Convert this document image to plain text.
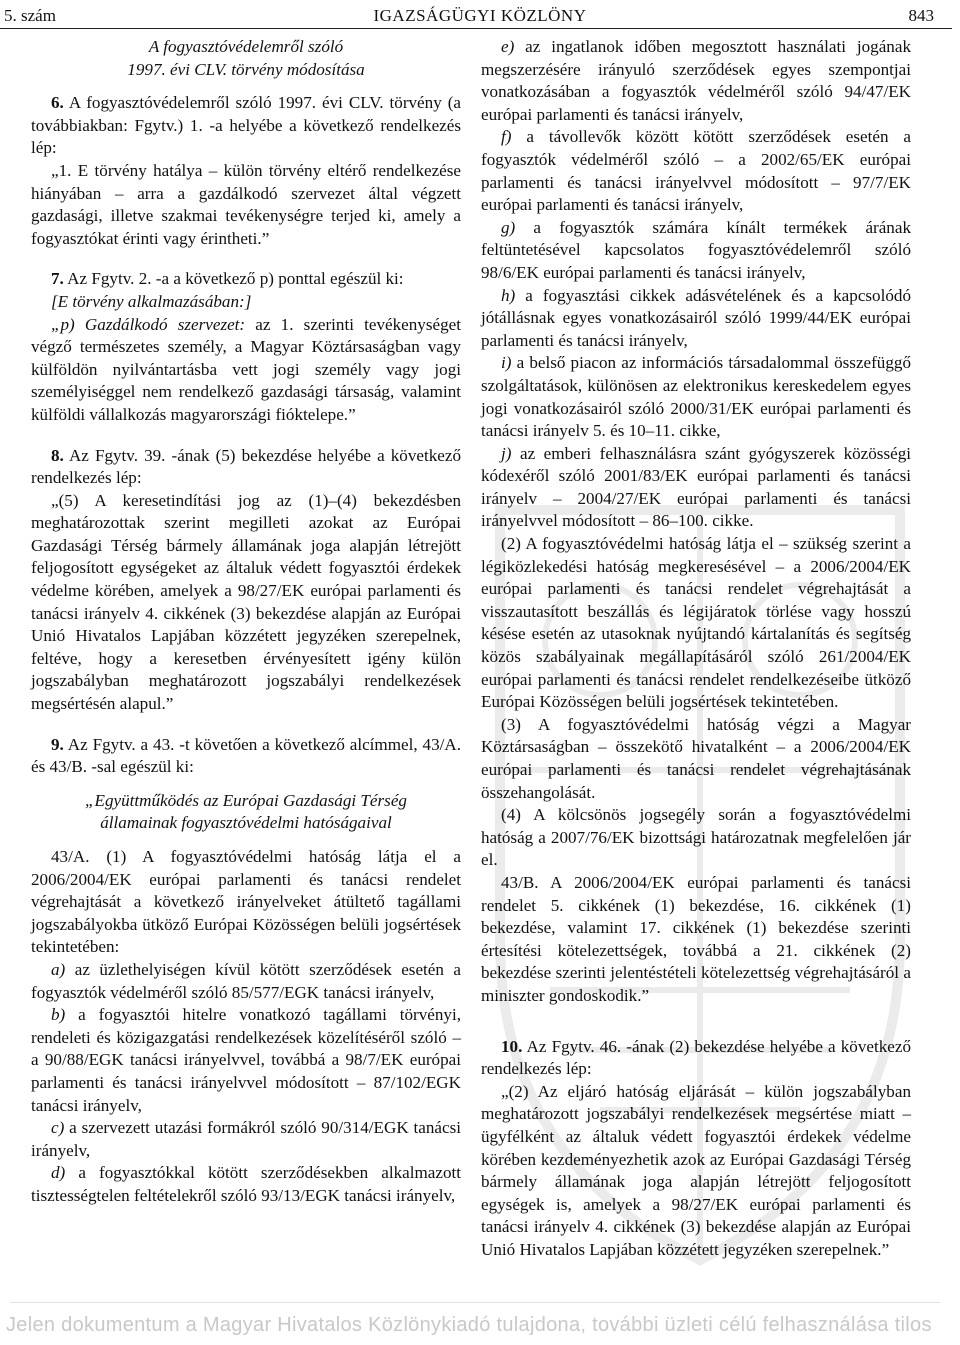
5. szám	IGAZSÁGÜGYI KÖZLÖNY	843

A fogyasztóvédelemről szóló

1997. évi CLV. törvény módosítása

6. A fogyasztóvédelemről szóló 1997. évi CLV. törvény (a továbbiakban: Fgytv.) 1. -a helyébe a következő rendelkezés lép:

„1. E törvény hatálya – külön törvény eltérő rendelkezése hiányában – arra a gazdálkodó szervezet által végzett gazdasági, illetve szakmai tevékenységre terjed ki, amely a fogyasztókat érinti vagy érintheti.”

7. Az Fgytv. 2. -a a következő p) ponttal egészül ki:

[E törvény alkalmazásában:]

„p) Gazdálkodó szervezet: az 1. szerinti tevékenységet végző természetes személy, a Magyar Köztársaságban vagy külföldön nyilvántartásba vett jogi személy vagy jogi személyiséggel nem rendelkező gazdasági társaság, valamint külföldi vállalkozás magyarországi fióktelepe.”

8. Az Fgytv. 39. -ának (5) bekezdése helyébe a következő rendelkezés lép:

„(5) A keresetindítási jog az (1)–(4) bekezdésben meghatározottak szerint megilleti azokat az Európai Gazdasági Térség bármely államának joga alapján létrejött feljogosított egységeket az általuk védett fogyasztói érdekek védelme körében, amelyek a 98/27/EK európai parlamenti és tanácsi irányelv 4. cikkének (3) bekezdése alapján az Európai Unió Hivatalos Lapjában közzétett jegyzéken szerepelnek, feltéve, hogy a keresetben érvényesített igény külön jogszabályban meghatározott jogszabályi rendelkezések megsértésén alapul.”

9. Az Fgytv. a 43. -t követően a következő alcímmel, 43/A. és 43/B. -sal egészül ki:

„Együttműködés az Európai Gazdasági Térség

államainak fogyasztóvédelmi hatóságaival

43/A. (1) A fogyasztóvédelmi hatóság látja el a 2006/2004/EK európai parlamenti és tanácsi rendelet végrehajtását a következő irányelveket átültető tagállami jogszabályokba ütköző Európai Közösségen belüli jogsértések tekintetében:

a) az üzlethelyiségen kívül kötött szerződések esetén a fogyasztók védelméről szóló 85/577/EGK tanácsi irányelv,

b) a fogyasztói hitelre vonatkozó tagállami törvényi, rendeleti és közigazgatási rendelkezések közelítéséről szóló – a 90/88/EGK tanácsi irányelvvel, továbbá a 98/7/EK európai parlamenti és tanácsi irányelvvel módosított – 87/102/EGK tanácsi irányelv,

c) a szervezett utazási formákról szóló 90/314/EGK tanácsi irányelv,

d) a fogyasztókkal kötött szerződésekben alkalmazott tisztességtelen feltételekről szóló 93/13/EGK tanácsi irányelv,

e) az ingatlanok időben megosztott használati jogának megszerzésére irányuló szerződések egyes szempontjai vonatkozásában a fogyasztók védelméről szóló 94/47/EK európai parlamenti és tanácsi irányelv,

f) a távollevők között kötött szerződések esetén a fogyasztók védelméről szóló – a 2002/65/EK európai parlamenti és tanácsi irányelvvel módosított – 97/7/EK európai parlamenti és tanácsi irányelv,

g) a fogyasztók számára kínált termékek árának feltüntetésével kapcsolatos fogyasztóvédelemről szóló 98/6/EK európai parlamenti és tanácsi irányelv,

h) a fogyasztási cikkek adásvételének és a kapcsolódó jótállásnak egyes vonatkozásairól szóló 1999/44/EK európai parlamenti és tanácsi irányelv,

i) a belső piacon az információs társadalommal összefüggő szolgáltatások, különösen az elektronikus kereskedelem egyes jogi vonatkozásairól szóló 2000/31/EK európai parlamenti és tanácsi irányelv 5. és 10–11. cikke,

j) az emberi felhasználásra szánt gyógyszerek közösségi kódexéről szóló 2001/83/EK európai parlamenti és tanácsi irányelv – 2004/27/EK európai parlamenti és tanácsi irányelvvel módosított – 86–100. cikke.

(2) A fogyasztóvédelmi hatóság látja el – szükség szerint a légiközlekedési hatóság megkeresésével – a 2006/2004/EK európai parlamenti és tanácsi rendelet végrehajtását a visszautasított beszállás és légijáratok törlése vagy hosszú késése esetén az utasoknak nyújtandó kártalanítás és segítség közös szabályainak megállapításáról szóló 261/2004/EK európai parlamenti és tanácsi rendelet rendelkezéseibe ütköző Európai Közösségen belüli jogsértések tekintetében.

(3) A fogyasztóvédelmi hatóság végzi a Magyar Köztársaságban – összekötő hivatalként – a 2006/2004/EK európai parlamenti és tanácsi rendelet végrehajtásának összehangolását.

(4) A kölcsönös jogsegély során a fogyasztóvédelmi hatóság a 2007/76/EK bizottsági határozatnak megfelelően jár el.

43/B. A 2006/2004/EK európai parlamenti és tanácsi rendelet 5. cikkének (1) bekezdése, 16. cikkének (1) bekezdése, valamint 17. cikkének (1) bekezdése szerinti értesítési kötelezettségek, továbbá a 21. cikkének (2) bekezdése szerinti jelentéstételi kötelezettség végrehajtásáról a miniszter gondoskodik.”

10. Az Fgytv. 46. -ának (2) bekezdése helyébe a következő rendelkezés lép:

„(2) Az eljáró hatóság eljárását – külön jogszabályban meghatározott jogszabályi rendelkezések megsértése miatt – ügyfélként az általuk védett fogyasztói érdekek védelme körében kezdeményezhetik azok az Európai Gazdasági Térség bármely államának joga alapján létrejött feljogosított egységek is, amelyek a 98/27/EK európai parlamenti és tanácsi irányelv 4. cikkének (3) bekezdése alapján az Európai Unió Hivatalos Lapjában közzétett jegyzéken szerepelnek.”

Jelen dokumentum a Magyar Hivatalos Közlönykiadó tulajdona, további üzleti célú felhasználása tilos
